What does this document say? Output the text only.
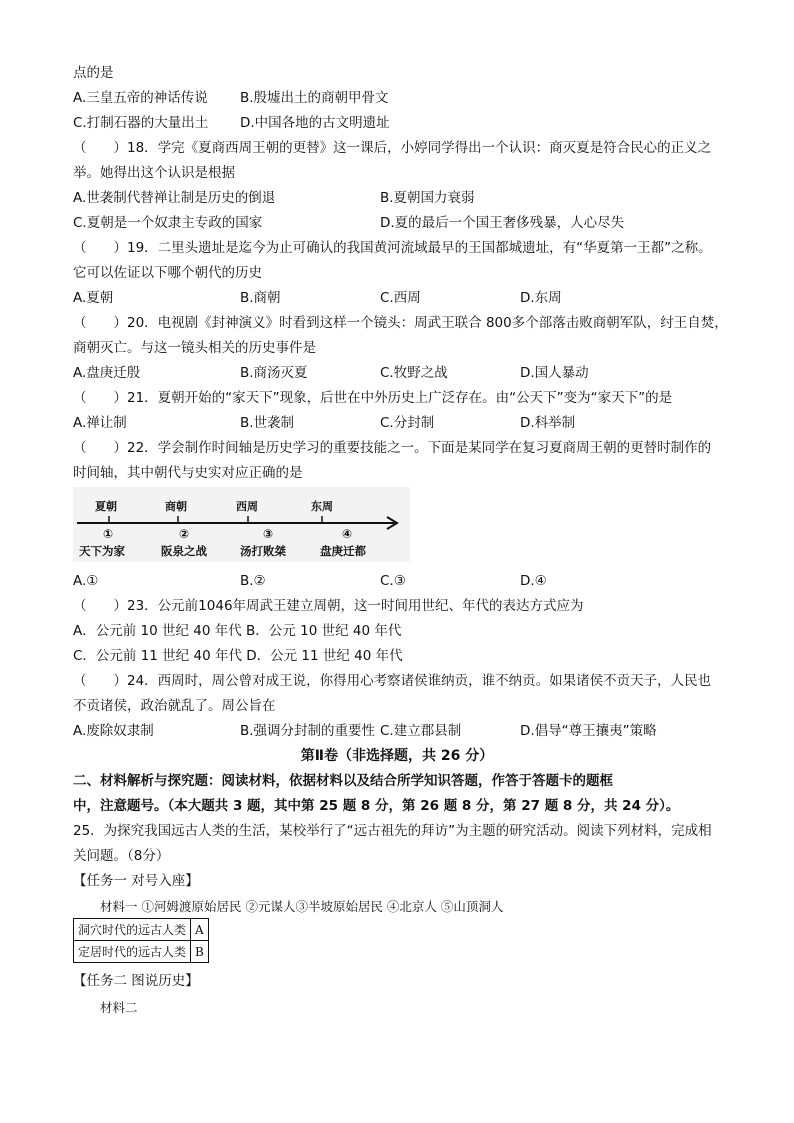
点的是
A.三皇五帝的神话传说 B.殷墟出土的商朝甲骨文
C.打制石器的大量出土 D.中国各地的古文明遗址
（　　）18．学完《夏商西周王朝的更替》这一课后，小婷同学得出一个认识：商灭夏是符合民心的正义之
举。她得出这个认识是根据
A.世袭制代替禅让制是历史的倒退	B.夏朝国力衰弱
C.夏朝是一个奴隶主专政的国家	D.夏的最后一个国王奢侈残暴，人心尽失
（　　）19．二里头遗址是迄今为止可确认的我国黄河流域最早的王国都城遗址，有“华夏第一王都”之称。
它可以佐证以下哪个朝代的历史
A.夏朝	B.商朝	C.西周	D.东周
（　　）20．电视剧《封神演义》时看到这样一个镜头：周武王联合 800多个部落击败商朝军队，纣王自焚，
商朝灭亡。与这一镜头相关的历史事件是
A.盘庚迁殷	B.商汤灭夏	C.牧野之战	D.国人暴动
（　　）21．夏朝开始的“家天下”现象，后世在中外历史上广泛存在。由“公天下”变为“家天下”的是
A.禅让制	B.世袭制	C.分封制	D.科举制
（　　）22．学会制作时间轴是历史学习的重要技能之一。下面是某同学在复习夏商周王朝的更替时制作的
时间轴，其中朝代与史实对应正确的是
夏朝	商朝	西周	东周
①	②	③	④
天下为家	阪泉之战	汤打败桀	盘庚迁都
A.①	B.②	C.③	D.④
（　　）23．公元前1046年周武王建立周朝，这一时间用世纪、年代的表达方式应为
A．公元前 10 世纪 40 年代 B．公元 10 世纪 40 年代
C．公元前 11 世纪 40 年代 D．公元 11 世纪 40 年代
（　　）24．西周时，周公曾对成王说，你得用心考察诸侯谁纳贡，谁不纳贡。如果诸侯不贡天子，人民也
不贡诸侯，政治就乱了。周公旨在
A.废除奴隶制	B.强调分封制的重要性 C.建立郡县制	D.倡导“尊王攘夷”策略
第Ⅱ卷（非选择题，共 26 分）
二、材料解析与探究题：阅读材料，依据材料以及结合所学知识答题，作答于答题卡的题框
中，注意题号。（本大题共 3 题，其中第 25 题 8 分，第 26 题 8 分，第 27 题 8 分，共 24 分）。
25．为探究我国远古人类的生活，某校举行了“远古祖先的拜访”为主题的研究活动。阅读下列材料，完成相
关问题。（8分）
【任务一 对号入座】
材料一 ①河姆渡原始居民 ②元谋人③半坡原始居民 ④北京人 ⑤山顶洞人
洞穴时代的远古人类	A
定居时代的远古人类	B
【任务二 图说历史】
材料二
